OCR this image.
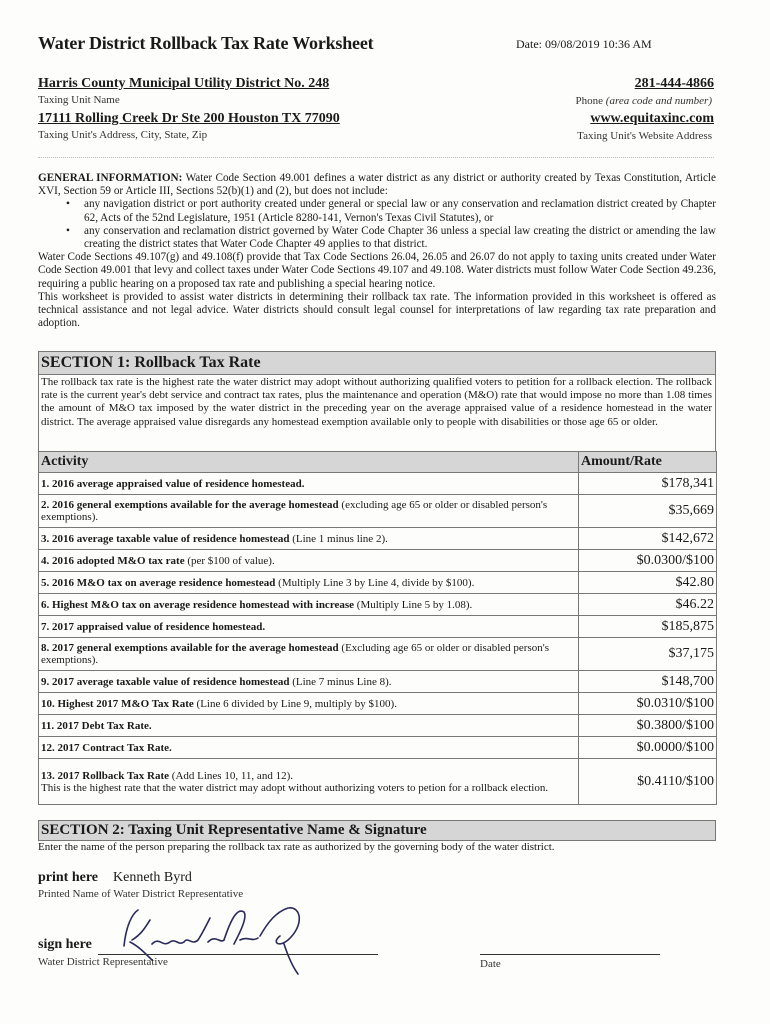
Water District Rollback Tax Rate Worksheet	Date: 09/08/2019 10:36 AM
Harris County Municipal Utility District No. 248
Taxing Unit Name
281-444-4866
Phone (area code and number)
17111 Rolling Creek Dr Ste 200 Houston TX 77090
Taxing Unit's Address, City, State, Zip
www.equitaxinc.com
Taxing Unit's Website Address

GENERAL INFORMATION: Water Code Section 49.001 defines a water district as any district or authority created by Texas Constitution, Article XVI, Section 59 or Article III, Sections 52(b)(1) and (2), but does not include:

• any navigation district or port authority created under general or special law or any conservation and reclamation district created by Chapter 62, Acts of the 52nd Legislature, 1951 (Article 8280-141, Vernon's Texas Civil Statutes), or
• any conservation and reclamation district governed by Water Code Chapter 36 unless a special law creating the district or amending the law creating the district states that Water Code Chapter 49 applies to that district.

Water Code Sections 49.107(g) and 49.108(f) provide that Tax Code Sections 26.04, 26.05 and 26.07 do not apply to taxing units created under Water Code Section 49.001 that levy and collect taxes under Water Code Sections 49.107 and 49.108. Water districts must follow Water Code Section 49.236, requiring a public hearing on a proposed tax rate and publishing a special hearing notice.

This worksheet is provided to assist water districts in determining their rollback tax rate. The information provided in this worksheet is offered as technical assistance and not legal advice. Water districts should consult legal counsel for interpretations of law regarding tax rate preparation and adoption.

SECTION 1: Rollback Tax Rate
The rollback tax rate is the highest rate the water district may adopt without authorizing qualified voters to petition for a rollback election. The rollback rate is the current year's debt service and contract tax rates, plus the maintenance and operation (M&O) rate that would impose no more than 1.08 times the amount of M&O tax imposed by the water district in the preceding year on the average appraised value of a residence homestead in the water district. The average appraised value disregards any homestead exemption available only to people with disabilities or those age 65 or older.
Activity	Amount/Rate
1. 2016 average appraised value of residence homestead.	$178,341
2. 2016 general exemptions available for the average homestead (excluding age 65 or older or disabled person's exemptions).	$35,669
3. 2016 average taxable value of residence homestead (Line 1 minus line 2).	$142,672
4. 2016 adopted M&O tax rate (per $100 of value).	$0.0300/$100
5. 2016 M&O tax on average residence homestead (Multiply Line 3 by Line 4, divide by $100).	$42.80
6. Highest M&O tax on average residence homestead with increase (Multiply Line 5 by 1.08).	$46.22
7. 2017 appraised value of residence homestead.	$185,875
8. 2017 general exemptions available for the average homestead (Excluding age 65 or older or disabled person's exemptions).	$37,175
9. 2017 average taxable value of residence homestead (Line 7 minus Line 8).	$148,700
10. Highest 2017 M&O Tax Rate (Line 6 divided by Line 9, multiply by $100).	$0.0310/$100
11. 2017 Debt Tax Rate.	$0.3800/$100
12. 2017 Contract Tax Rate.	$0.0000/$100
13. 2017 Rollback Tax Rate (Add Lines 10, 11, and 12).
This is the highest rate that the water district may adopt without authorizing voters to petion for a rollback election.	$0.4110/$100
SECTION 2: Taxing Unit Representative Name & Signature
Enter the name of the person preparing the rollback tax rate as authorized by the governing body of the water district.
print here Kenneth Byrd
Printed Name of Water District Representative
sign here
Water District Representative	Date
